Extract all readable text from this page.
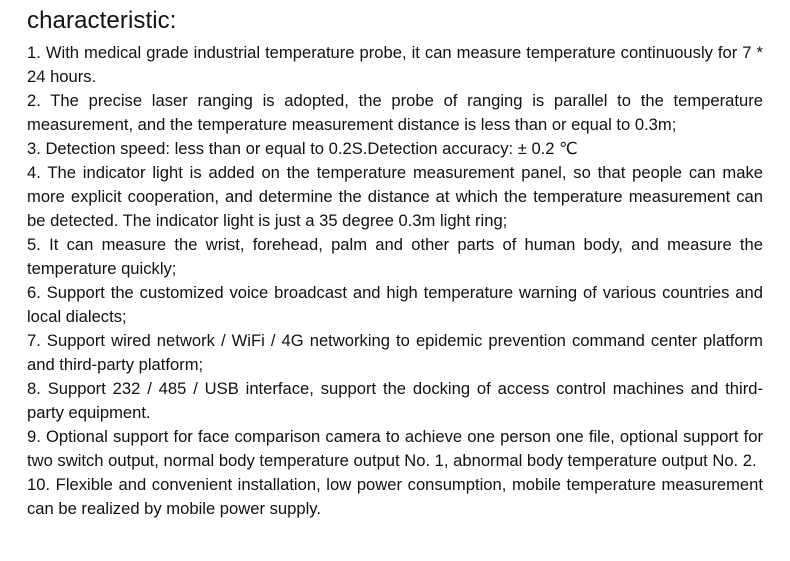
characteristic:
1. With medical grade industrial temperature probe, it can measure temperature continuously for 7 * 24 hours.
2. The precise laser ranging is adopted, the probe of ranging is parallel to the temperature measurement, and the temperature measurement distance is less than or equal to 0.3m;
3. Detection speed: less than or equal to 0.2S.Detection accuracy: ± 0.2 ℃
4. The indicator light is added on the temperature measurement panel, so that people can make more explicit cooperation, and determine the distance at which the temperature measurement can be detected. The indicator light is just a 35 degree 0.3m light ring;
5. It can measure the wrist, forehead, palm and other parts of human body, and measure the temperature quickly;
6. Support the customized voice broadcast and high temperature warning of various countries and local dialects;
7. Support wired network / WiFi / 4G networking to epidemic prevention command center platform and third-party platform;
8. Support 232 / 485 / USB interface, support the docking of access control machines and third-party equipment.
9. Optional support for face comparison camera to achieve one person one file, optional support for two switch output, normal body temperature output No. 1, abnormal body temperature output No. 2.
10. Flexible and convenient installation, low power consumption, mobile temperature measurement can be realized by mobile power supply.
